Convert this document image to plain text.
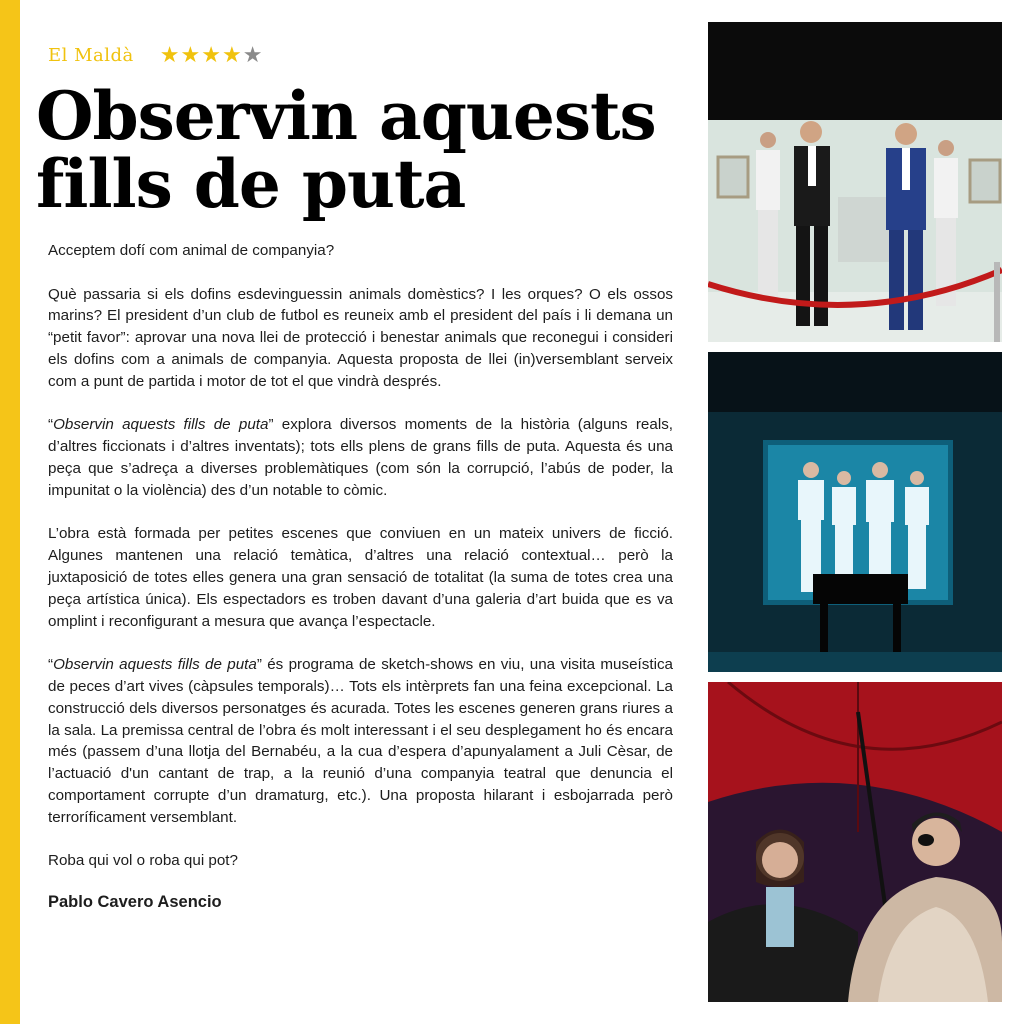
El Maldà ★ ★ ★ ★ ★
Observin aquests
fills de puta

Acceptem dofí com animal de companyia?

Què passaria si els dofins esdevinguessin animals domèstics? I les orques? O els ossos marins? El president d’un club de futbol es reuneix amb el president del país i li demana un “petit favor”: aprovar una nova llei de protecció i benestar animals que reconegui i consideri els dofins com a animals de companyia. Aquesta proposta de llei (in)versemblant serveix com a punt de partida i motor de tot el que vindrà després.

“Observin aquests fills de puta” explora diversos moments de la història (alguns reals, d’altres ficcionats i d’altres inventats); tots ells plens de grans fills de puta. Aquesta és una peça que s’adreça a diverses problemàtiques (com són la corrupció, l’abús de poder, la impunitat o la violència) des d’un notable to còmic.

L’obra està formada per petites escenes que conviuen en un mateix univers de ficció. Algunes mantenen una relació temàtica, d’altres una relació contextual… però la juxtaposició de totes elles genera una gran sensació de totalitat (la suma de totes crea una peça artística única). Els espectadors es troben davant d’una galeria d’art buida que es va omplint i reconfigurant a mesura que avança l’espectacle.

“Observin aquests fills de puta” és programa de sketch-shows en viu, una visita museística de peces d’art vives (càpsules temporals)… Tots els intèrprets fan una feina excepcional. La construcció dels diversos personatges és acurada. Totes les escenes generen grans riures a la sala. La premissa central de l’obra és molt interessant i el seu desplegament ho és encara més (passem d’una llotja del Bernabéu, a la cua d’espera d’apunyalament a Juli Cèsar, de l’actuació d'un cantant de trap, a la reunió d’una companyia teatral que denuncia el comportament corrupte d’un dramaturg, etc.). Una proposta hilarant i esbojarrada però terroríficament versemblant.

Roba qui vol o roba qui pot?

Pablo Cavero Asencio
